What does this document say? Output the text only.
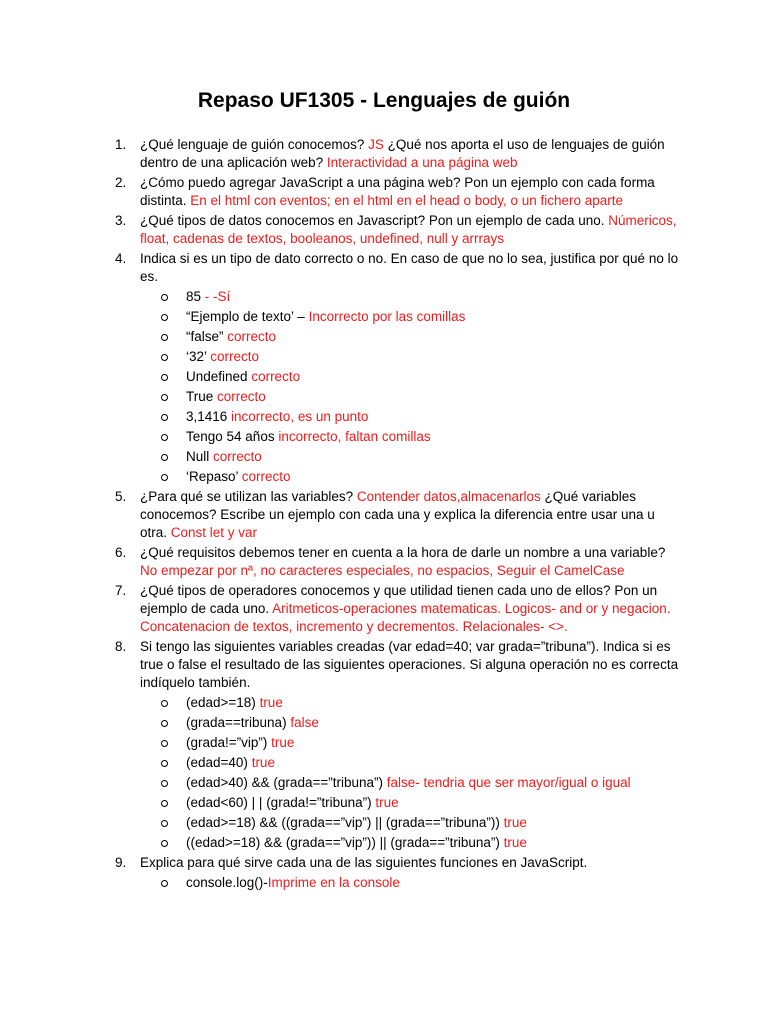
Repaso UF1305 - Lenguajes de guión
1. ¿Qué lenguaje de guión conocemos? JS ¿Qué nos aporta el uso de lenguajes de guión dentro de una aplicación web? Interactividad a una página web
2. ¿Cómo puedo agregar JavaScript a una página web? Pon un ejemplo con cada forma distinta. En el html con eventos; en el html en el head o body, o un fichero aparte
3. ¿Qué tipos de datos conocemos en Javascript? Pon un ejemplo de cada uno. Númericos, float, cadenas de textos, booleanos, undefined, null y arrrays
4. Indica si es un tipo de dato correcto o no. En caso de que no lo sea, justifica por qué no lo es.
85 - -Sí
“Ejemplo de texto’ – Incorrecto por las comillas
“false” correcto
‘32’ correcto
Undefined correcto
True correcto
3,1416 incorrecto, es un punto
Tengo 54 años incorrecto, faltan comillas
Null correcto
‘Repaso’ correcto
5. ¿Para qué se utilizan las variables? Contender datos,almacenarlos ¿Qué variables conocemos? Escribe un ejemplo con cada una y explica la diferencia entre usar una u otra. Const let y var
6. ¿Qué requisitos debemos tener en cuenta a la hora de darle un nombre a una variable? No empezar por nª, no caracteres especiales, no espacios, Seguir el CamelCase
7. ¿Qué tipos de operadores conocemos y que utilidad tienen cada uno de ellos? Pon un ejemplo de cada uno. Aritmeticos-operaciones matematicas. Logicos- and or y negacion. Concatenacion de textos, incremento y decrementos. Relacionales- <>.
8. Si tengo las siguientes variables creadas (var edad=40; var grada=”tribuna”). Indica si es true o false el resultado de las siguientes operaciones. Si alguna operación no es correcta indíquelo también.
(edad>=18) true
(grada==tribuna) false
(grada!=”vip”) true
(edad=40) true
(edad>40) && (grada==”tribuna”) false- tendria que ser mayor/igual o igual
(edad<60) | | (grada!=”tribuna”) true
(edad>=18) && ((grada==”vip”) || (grada==”tribuna”)) true
((edad>=18) && (grada==”vip”)) || (grada==”tribuna”) true
9. Explica para qué sirve cada una de las siguientes funciones en JavaScript.
console.log()-Imprime en la console
